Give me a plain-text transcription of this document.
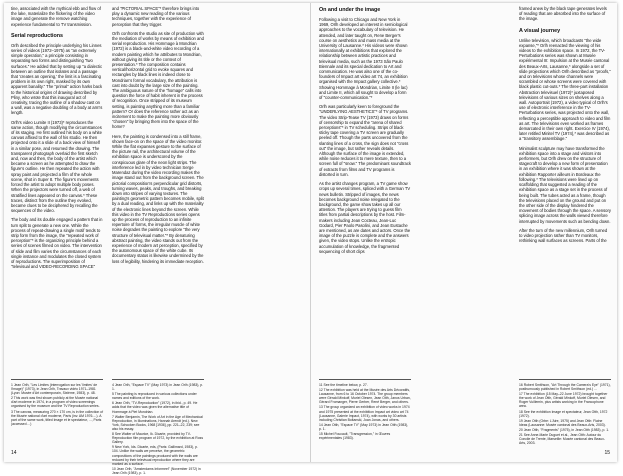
tine, associated with the mythical ebb and flow of the lake, materialize the flickering of the video image and generate the remove watching experience fundamental to TV transmission.

Serial reproductions

Orlh described the principle underlying his Linnes series of videos (1972–1975) as "an extremely simple operation," a principle consisting in separating two forms and distinguishing "two surfaces." He added that by setting up "a dialectic between an outline that isolates and a passage that 'creates an opening,' the limit is a fascinating problem in its own right, masked by its own apparent banality." The "primal" action harks back to the historical origins of drawing described by Pliny, who wrote that this inaugural act of creativity, tracing the outline of a shadow cast on a wall, was a negative doubling of a body at arm's length.

Orlh's video Lumite II (1973)* reproduces the same action, though modifying the circumstances of its staging. He first outlined his body on a white canvas affixed to the wall of his studio. He then projected onto it a slide of a back view of himself in a similar pose, and resumed the drawing. The transparent photograph overlaid the first sketch and, now and then, the body of the artist which became a screen as he attempted to draw the figure's outline. He then repeated the action with spray paint and projected a film of the whole scene, shot in Super 8. The figure's movements forced the artist to adopt multiple body poses. When the projectors were turned off, a web of stratified lines appeared on the canvas.* These traces, distinct from the outline they evoked, became clues to be deciphered by recalling the sequences of the video.

The body and its double engaged a pattern that in turn split to generate a new one. While the process of repeat-drawing a single motif tends to strip form from the image, the "repeated work of perception"* is the organizing principle behind a series of scenes filmed on video. The intervention of slide and film varies the circumstances of each single instance and modulates the closed system of reproductions. The superimposition of "televisual and VIDEO-RECORDING SPACE"

1 Jean Orlh, "Les Limites (interrogation sur les 'limites' de l'image)" (1973), in Jean Orlh, Travaux vidéo 1971–1981 (Lyon: Musée d'Art contemporain, Sixième, 1983), p. 48.

2 This work was first shown publicly at the Musée national d'art moderne in 1974, in a program of video screenings organised by the museum and the TV Reproduction series.

3 The canvas, measuring 270 × 170 cm, is in the collection of the Musée national d'art moderne, Paris (inv. AM 1976-...). A part of the same work, titled Image et le spectateur, ..., Paris (accessed ...)

and "PICTORIAL SPACE"* therefore brings into play a dynamic new reading of the various techniques, together with the experience of perception that they trigger.

Orlh confronts the studio as site of production with the mediation of works by means of exhibition and serial reproduction. His Hommage à Mondrian (1972) is a black-and-white video recording of a modern painting which he attributes to Mondrian, without giving its title or the context of presentation.* The composition contains vertical/horizontal grid to evoke squares and rectangles by black lines is indeed close to Mondrian's formal vocabulary, the attribution is cast into doubt by the large size of the painting. The ambiguous nature of the "homage" calls into question the force of habit inherent in the process of recognition. Once stripped of its museum setting, is painting anything more than a familiar pattern? Or does the reference rather act as an incitement to make the painting more obviously "chosen" by bringing them into the space of the home?

Here, the painting is condensed into a still frame, shown face-on on the space of the video monitor. While the flat expanses gesture to the surface of the picture rail, the architectural volume of the exhibition space is underscored by the conspicuous glare of the neon light strips. The interference led in by video technician Serge Marendaz during the video recording makes the image stand out from the background screen. The pictorial composition's perpendicular grid distorts, turning waves, peaks, and troughs, and breaking down into stripes of varying textures. The painting's geometric pattern becomes mobile, split by a dual reading, and links up with the materiality of the electronic lines beyond the screen. While this video in the TV Reproductions series opens up the process of reproduction to an infinite repertoire of forms, the irregular muscle of white noise degrades the painting to explore "the very structure of televisual matter."* By denaturing abstract painting, the video stands out from the experience of modern art perception, specified by the autonomous space of the white cube. Its documentary status is likewise undermined by the loss of legibility, hindering its immediate reception.

4 Jean Orlh, "Espace TV" (May 1973) in Jean Orlh (1983), p. 1.

5 The painting is reproduced in various collections under names and editions of the work.

6 Jean Orlh, "TV-Reproduction" (1972), in ibid., p. 49. He adds that the video was given the alternative title of Hommage à Piet Mondrian.

7 Walter Benjamin, The Work of Art in the Age of Mechanical Reproduction, in Illuminations, Hannah Arendt (ed.). New York, Schocken Books, 1968 [1936], pp. 221–22, 239; see also his essay.

8 See Walter of Maurice, Ik. Dicarte, provided by TV-Reproduction film program of 1972, by the exhibition at Ross Gallery.

9 New York, Ids. Dicarte, eds, (Paris: Gallimard, 1983), p. 104. Unlike the walls we perceive, the geometric compositions of the paintings produced with the walls are reduced by their televisual reproduction where they are marked as a surface.

10 Jean Orlh, "Amsterdams Informeel" (November 1972) in Jean Orlh (1983), p. 1.

14
On and under the image

Following a visit to Chicago and New York in 1969, Orlh developed an interest in semiological approaches to the vocabulary of television. He attended, and later taught on, Rene Berger's course on aesthetics and mass media at the University of Lausanne.* His videos were shown internationally at exhibitions that explored the relationship between artistic practices and televisual media, such as the 1973 São Paulo Biennale and its special dedication to Art and communication. He was also one of the co-founders of Impact art video art 74, an exhibition organised with the Impact gallery collective.* Showing Hommage à Mondrian, Limite II (le lac) and Limite II, which all sought to develop a form of "counter-communication."*

Orlh was particularly keen to foreground the "UNDERLYING AESTHETICS"* of TV programs. The video Strip-Tease TV (1973) draws on forms of censorship to expand the "arena of shared perceptions"* in TV scheduling. Strips of black sticky tape covering a TV screen are gradually peeled off. Though the parts uncovered from the slanting lines of a cross, the sign does not "cross out" the image, but rather reveals details. Although the surface of the image is extended, while noise reduces it to mere texture, then to a screen full of "snow." The predominant soundtrack of extracts from films and TV programs is distorted in turn.

As the artist changes program, a TV game show crops up several times, spliced with a German TV news bulletin. Stripped of images, the news becomes background noise relegated to the background, the game show takes up all our attention. The players are trying to guess film titles from partial descriptions by the host. Film-makers including Jean Cocteau, Jean-Luc Godard, Pier Paolo Pasolini, and Jean Eustache are mentioned, as are dates and actors. Once the image of the puzzle is complete and the answers given, the video stops. Unlike the entropic accumulation of knowledge, the fragmented sequencing of short clips

11 See the timeline below, p. 27.

12 The exhibition was held at the Musée des Arts Décoratifs, Lausanne, from 6 to 16 October 1974. The group members were Gérald Minkoff, Muriel Olesen, Jean Otth, Janos Urban, Gérard Fromanger, Pierre Gerber, René Berger, and others.

13 The group organized an exhibition of video works in 1974 and 1975 presented at the exhibition Impact art video art 74 (Lausanne, Galerie Impact, 1974), with works by 30 artists including Christian Boltanski, Joan Jonas, and others.

14 Jean Otth, "Espace TV" (May 1973) in Jean Otth (1983), p. 1.

15 Michel Foucault, "Transgression," in Œuvres expérimentales (1983).

framed anew by the black tape generates levels of reading that are absorbed into the surface of the image.

A visual journey

Unlike television, which broadcasts "the wide expanse,"* Orlh reenacted the viewing of his videos to the exhibition space. In 1972, the TV-Perturbations series was shown at Musée expérimental III: Impulsion at the Musée cantonal des Beaux-Arts, Lausanne,* alongside a set of slide projections which Orlh described as "proofs," and on televisions whose channels were scrambled or whose screens were covered with black plastic cut-outs.* The three-part installation Abstraction televisuel (1972)* juxtaposed televisions of various sizes on shelves along a wall. Autoportrait (1972), a video typical of Orlh's use of electronic interference in the TV-Perturbations series, was projected onto the wall, reflecting a perceptible approach to video and film as art. The televisions even worked as frames demarcated in their own right. Exercice IV (1974), later retitled Minitel TV (1974),* was described as a "transitory assemblage."

Minimalist sculpture may have transformed the exhibition space into a stage and visitors into performers, but Orlh drew on the structure of stagecraft to develop a new form of presentation in an exhibition where it was shown at the exhibition Rapporter ailleurs in Bordeaux the following.* The televisions were lined up on scaffolding that suggested a reading of the exhibition space as a stage set in the process of being built. The tubes acted as a frame, though the televisions placed on the ground and put on the other side of the display hindered the movement of bodies through the space. A sensory splicing image across the walls viewed therefore interrupted by movements such as bending down.

After the turn of the new millennium, Orlh turned to video projection rather than TV monitors, rethinking wall surfaces as screens. Parts of the

16 Robert Smithson, "Art Through the Camera's Eye" (1971), posthumously published in Robert Smithson (ed.) ...

17 The exhibition (15 May–22 June 1972) brought together the work of Jean Otth, Gérald Minkoff, Muriel Olesen, and Roger Vuillemin, plus artists working in the Francophone area.

18 See the exhibition Image et spectateur, Jean Otth, 1972 (1972).

19 Jean Otth (Orbe: L'Aire, 1975) and Jean Otth: Flaine Ideas (Lausanne: Musée cantonal des Beaux-Arts, 2003).

20 Jean Otth, "Fragments" (1975), in Jean Otth (1983), p. 1.

21 See Anne-Marie Duguet et al., Jean Otth: Autour du Concile de Trente, Marseille: Musée cantonal des Beaux-Arts, 2003.

15
